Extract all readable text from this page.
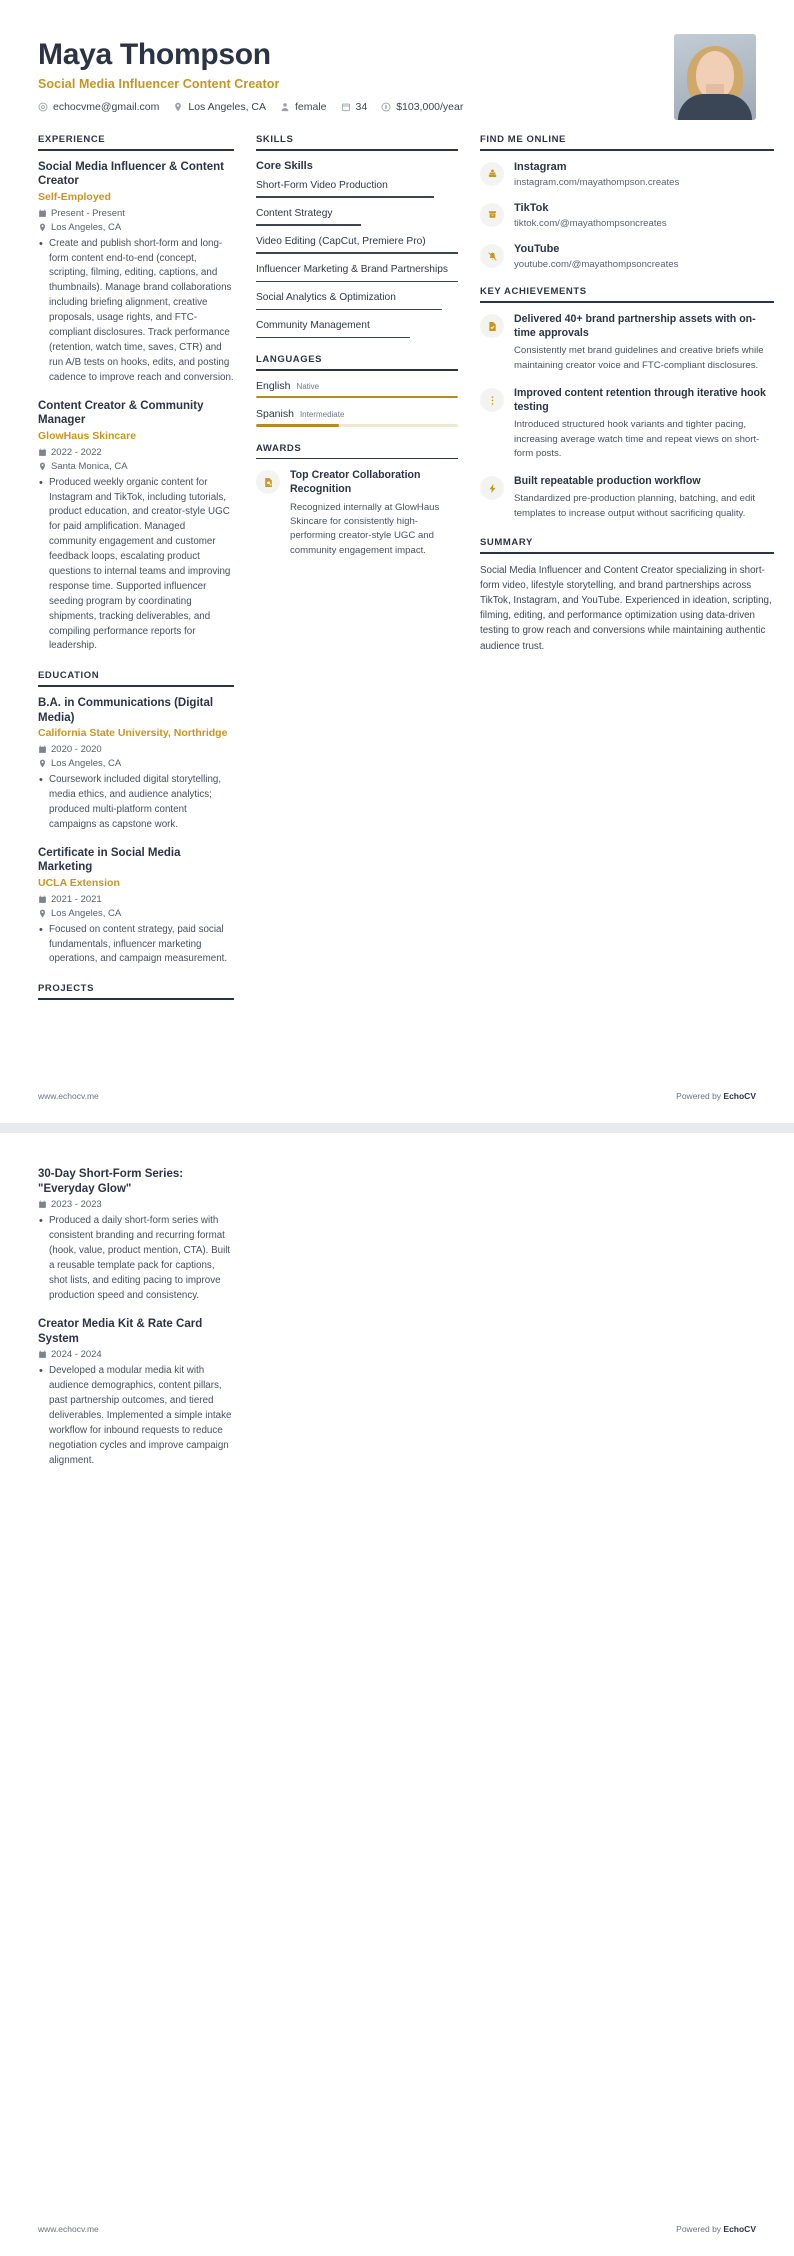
Maya Thompson
Social Media Influencer Content Creator
echocvme@gmail.com	Los Angeles, CA	female	34	$103,000/year
EXPERIENCE
Social Media Influencer & Content Creator
Self-Employed
Present - Present
Los Angeles, CA
• Create and publish short-form and long-form content end-to-end (concept, scripting, filming, editing, captions, and thumbnails). Manage brand collaborations including briefing alignment, creative proposals, usage rights, and FTC-compliant disclosures. Track performance (retention, watch time, saves, CTR) and run A/B tests on hooks, edits, and posting cadence to improve reach and conversion.
Content Creator & Community Manager
GlowHaus Skincare
2022 - 2022
Santa Monica, CA
• Produced weekly organic content for Instagram and TikTok, including tutorials, product education, and creator-style UGC for paid amplification. Managed community engagement and customer feedback loops, escalating product questions to internal teams and improving response time. Supported influencer seeding program by coordinating shipments, tracking deliverables, and compiling performance reports for leadership.
EDUCATION
B.A. in Communications (Digital Media)
California State University, Northridge
2020 - 2020
Los Angeles, CA
• Coursework included digital storytelling, media ethics, and audience analytics; produced multi-platform content campaigns as capstone work.
Certificate in Social Media Marketing
UCLA Extension
2021 - 2021
Los Angeles, CA
• Focused on content strategy, paid social fundamentals, influencer marketing operations, and campaign measurement.
PROJECTS
SKILLS
Core Skills
Short-Form Video Production
Content Strategy
Video Editing (CapCut, Premiere Pro)
Influencer Marketing & Brand Partnerships
Social Analytics & Optimization
Community Management
LANGUAGES
English Native
Spanish Intermediate
AWARDS
Top Creator Collaboration Recognition
Recognized internally at GlowHaus Skincare for consistently high-performing creator-style UGC and community engagement impact.
FIND ME ONLINE
Instagram
instagram.com/mayathompson.creates
TikTok
tiktok.com/@mayathompsoncreates
YouTube
youtube.com/@mayathompsoncreates
KEY ACHIEVEMENTS
Delivered 40+ brand partnership assets with on-time approvals
Consistently met brand guidelines and creative briefs while maintaining creator voice and FTC-compliant disclosures.
Improved content retention through iterative hook testing
Introduced structured hook variants and tighter pacing, increasing average watch time and repeat views on short-form posts.
Built repeatable production workflow
Standardized pre-production planning, batching, and edit templates to increase output without sacrificing quality.
SUMMARY
Social Media Influencer and Content Creator specializing in short-form video, lifestyle storytelling, and brand partnerships across TikTok, Instagram, and YouTube. Experienced in ideation, scripting, filming, editing, and performance optimization using data-driven testing to grow reach and conversions while maintaining authentic audience trust.
www.echocv.me	Powered by EchoCV
30-Day Short-Form Series: "Everyday Glow"
2023 - 2023
• Produced a daily short-form series with consistent branding and recurring format (hook, value, product mention, CTA). Built a reusable template pack for captions, shot lists, and editing pacing to improve production speed and consistency.
Creator Media Kit & Rate Card System
2024 - 2024
• Developed a modular media kit with audience demographics, content pillars, past partnership outcomes, and tiered deliverables. Implemented a simple intake workflow for inbound requests to reduce negotiation cycles and improve campaign alignment.
www.echocv.me	Powered by EchoCV
